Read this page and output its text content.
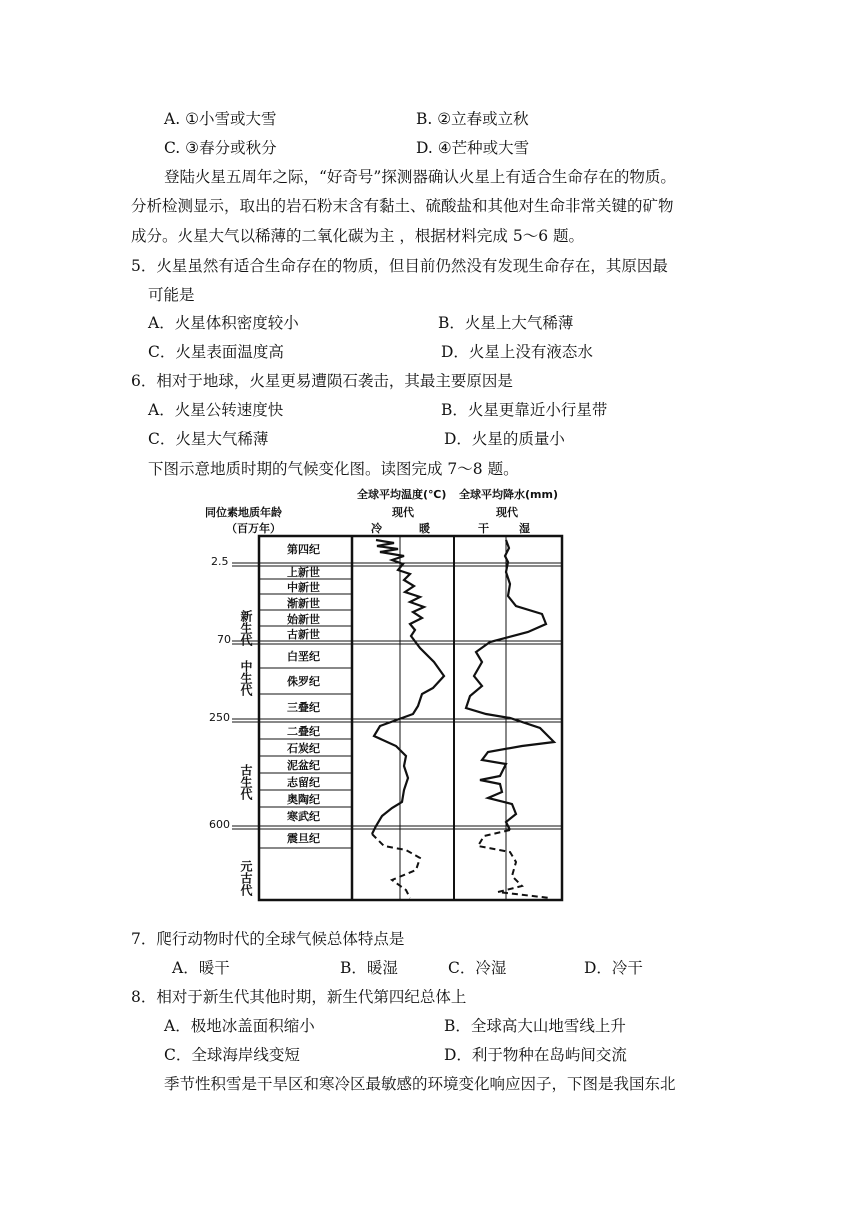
A. ①小雪或大雪	B. ②立春或立秋
C. ③春分或秋分	D. ④芒种或大雪
登陆火星五周年之际，“好奇号”探测器确认火星上有适合生命存在的物质。
分析检测显示，取出的岩石粉末含有黏土、硫酸盐和其他对生命非常关键的矿物
成分。火星大气以稀薄的二氧化碳为主 ，根据材料完成 5～6 题。
5．火星虽然有适合生命存在的物质，但目前仍然没有发现生命存在，其原因最
可能是
A．火星体积密度较小	B．火星上大气稀薄
C．火星表面温度高	D．火星上没有液态水
6．相对于地球，火星更易遭陨石袭击，其最主要原因是
A．火星公转速度快	B．火星更靠近小行星带
C．火星大气稀薄	D．火星的质量小
下图示意地质时期的气候变化图。读图完成 7～8 题。
同位素地质年龄
（百万年）
全球平均温度(℃) 全球平均降水(mm)
现代	现代
冷	暖	干	湿
2.5
70
250
600
新生代
中生代
古生代
元古代
第四纪
上新世
中新世
渐新世
始新世
古新世
白垩纪
侏罗纪
三叠纪
二叠纪
石炭纪
泥盆纪
志留纪
奥陶纪
寒武纪
震旦纪
7．爬行动物时代的全球气候总体特点是
A．暖干	B．暖湿	C．冷湿	D．冷干
8．相对于新生代其他时期，新生代第四纪总体上
A．极地冰盖面积缩小	B．全球高大山地雪线上升
C．全球海岸线变短	D．利于物种在岛屿间交流
季节性积雪是干旱区和寒冷区最敏感的环境变化响应因子，下图是我国东北
